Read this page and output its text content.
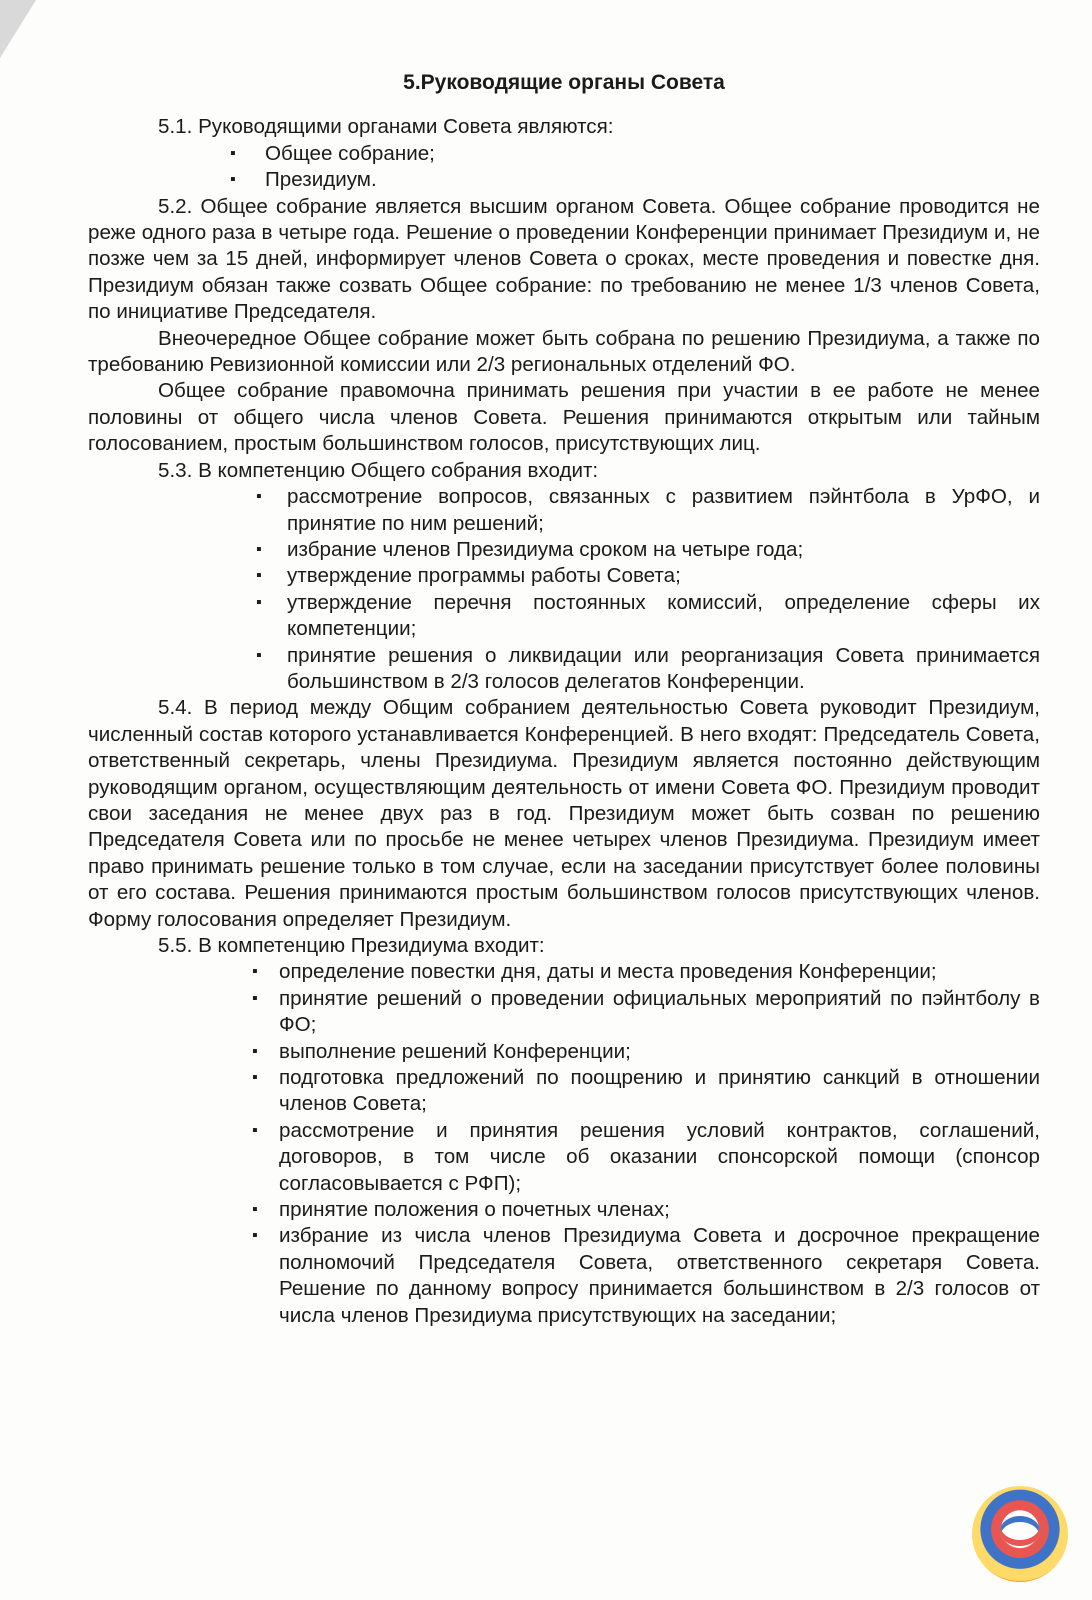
5.Руководящие органы Совета

5.1. Руководящими органами Совета являются:

▪ Общее собрание;
▪ Президиум.

5.2. Общее собрание является высшим органом Совета. Общее собрание проводится не реже одного раза в четыре года. Решение о проведении Конференции принимает Президиум и, не позже чем за 15 дней, информирует членов Совета о сроках, месте проведения и повестке дня. Президиум обязан также созвать Общее собрание: по требованию не менее 1/3 членов Совета, по инициативе Председателя.

Внеочередное Общее собрание может быть собрана по решению Президиума, а также по требованию Ревизионной комиссии или 2/3 региональных отделений ФО.

Общее собрание правомочна принимать решения при участии в ее работе не менее половины от общего числа членов Совета. Решения принимаются открытым или тайным голосованием, простым большинством голосов, присутствующих лиц.

5.3. В компетенцию Общего собрания входит:

▪ рассмотрение вопросов, связанных с развитием пэйнтбола в УрФО, и принятие по ним решений;
▪ избрание членов Президиума сроком на четыре года;
▪ утверждение программы работы Совета;
▪ утверждение перечня постоянных комиссий, определение сферы их компетенции;
▪ принятие решения о ликвидации или реорганизация Совета принимается большинством в 2/3 голосов делегатов Конференции.

5.4. В период между Общим собранием деятельностью Совета руководит Президиум, численный состав которого устанавливается Конференцией. В него входят: Председатель Совета, ответственный секретарь, члены Президиума. Президиум является постоянно действующим руководящим органом, осуществляющим деятельность от имени Совета ФО. Президиум проводит свои заседания не менее двух раз в год. Президиум может быть созван по решению Председателя Совета или по просьбе не менее четырех членов Президиума. Президиум имеет право принимать решение только в том случае, если на заседании присутствует более половины от его состава. Решения принимаются простым большинством голосов присутствующих членов. Форму голосования определяет Президиум.

5.5. В компетенцию Президиума входит:

▪ определение повестки дня, даты и места проведения Конференции;
▪ принятие решений о проведении официальных мероприятий по пэйнтболу в ФО;
▪ выполнение решений Конференции;
▪ подготовка предложений по поощрению и принятию санкций в отношении членов Совета;
▪ рассмотрение и принятия решения условий контрактов, соглашений, договоров, в том числе об оказании спонсорской помощи (спонсор согласовывается с РФП);
▪ принятие положения о почетных членах;
▪ избрание из числа членов Президиума Совета и досрочное прекращение полномочий Председателя Совета, ответственного секретаря Совета. Решение по данному вопросу принимается большинством в 2/3 голосов от числа членов Президиума присутствующих на заседании;
